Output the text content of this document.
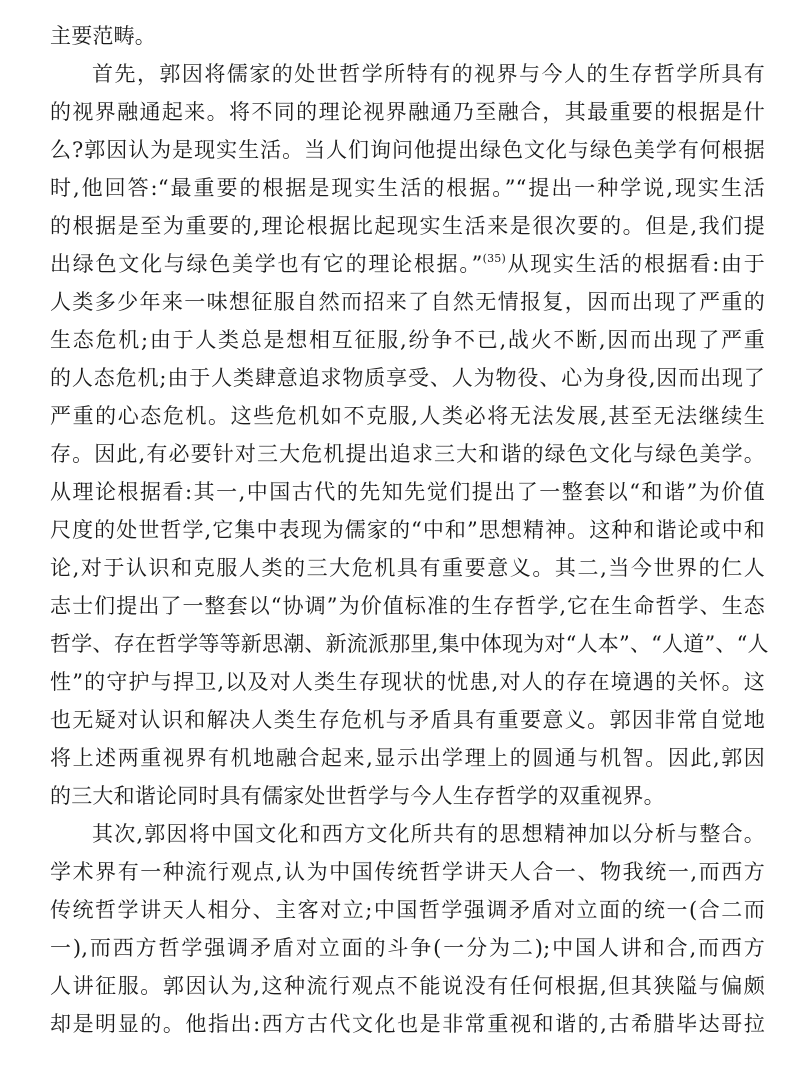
主要范畴。
首先，郭因将儒家的处世哲学所特有的视界与今人的生存哲学所具有
的视界融通起来。将不同的理论视界融通乃至融合，其最重要的根据是什
么?郭因认为是现实生活。当人们询问他提出绿色文化与绿色美学有何根据
时,他回答:“最重要的根据是现实生活的根据。”“提出一种学说,现实生活
的根据是至为重要的,理论根据比起现实生活来是很次要的。但是,我们提
出绿色文化与绿色美学也有它的理论根据。”$^{(35)}$从现实生活的根据看:由于
人类多少年来一味想征服自然而招来了自然无情报复，因而出现了严重的
生态危机;由于人类总是想相互征服,纷争不已,战火不断,因而出现了严重
的人态危机;由于人类肆意追求物质享受、人为物役、心为身役,因而出现了
严重的心态危机。这些危机如不克服,人类必将无法发展,甚至无法继续生
存。因此,有必要针对三大危机提出追求三大和谐的绿色文化与绿色美学。
从理论根据看:其一,中国古代的先知先觉们提出了一整套以“和谐”为价值
尺度的处世哲学,它集中表现为儒家的“中和”思想精神。这种和谐论或中和
论,对于认识和克服人类的三大危机具有重要意义。其二,当今世界的仁人
志士们提出了一整套以“协调”为价值标准的生存哲学,它在生命哲学、生态
哲学、存在哲学等等新思潮、新流派那里,集中体现为对“人本”、“人道”、“人
性”的守护与捍卫,以及对人类生存现状的忧患,对人的存在境遇的关怀。这
也无疑对认识和解决人类生存危机与矛盾具有重要意义。郭因非常自觉地
将上述两重视界有机地融合起来,显示出学理上的圆通与机智。因此,郭因
的三大和谐论同时具有儒家处世哲学与今人生存哲学的双重视界。
其次,郭因将中国文化和西方文化所共有的思想精神加以分析与整合。
学术界有一种流行观点,认为中国传统哲学讲天人合一、物我统一,而西方
传统哲学讲天人相分、主客对立;中国哲学强调矛盾对立面的统一(合二而
一),而西方哲学强调矛盾对立面的斗争(一分为二);中国人讲和合,而西方
人讲征服。郭因认为,这种流行观点不能说没有任何根据,但其狭隘与偏颇
却是明显的。他指出:西方古代文化也是非常重视和谐的,古希腊毕达哥拉
